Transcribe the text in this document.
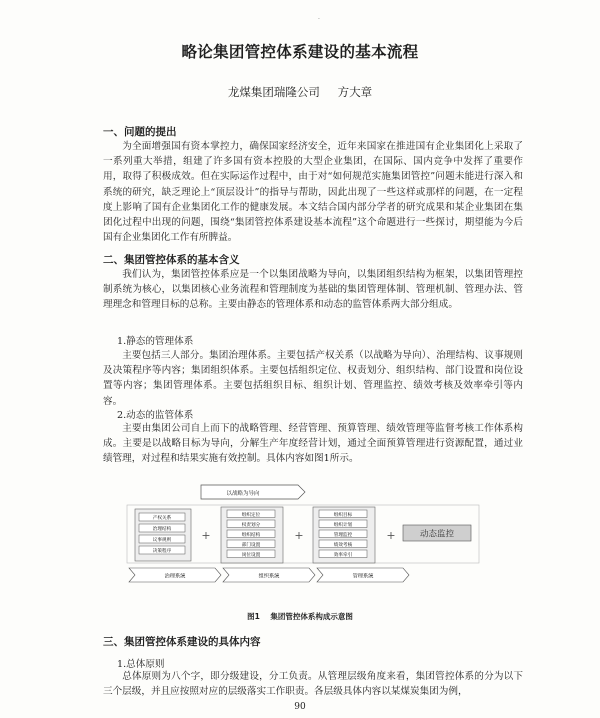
.
略论集团管控体系建设的基本流程
龙煤集团瑞隆公司 方大章
一、问题的提出
为全面增强国有资本掌控力，确保国家经济安全，近年来国家在推进国有企业集团化上采取了一系列重大举措，组建了许多国有资本控股的大型企业集团，在国际、国内竞争中发挥了重要作用，取得了积极成效。但在实际运作过程中，由于对“如何规范实施集团管控”问题未能进行深入和系统的研究，缺乏理论上“顶层设计”的指导与帮助，因此出现了一些这样或那样的问题，在一定程度上影响了国有企业集团化工作的健康发展。本文结合国内部分学者的研究成果和某企业集团在集团化过程中出现的问题，围绕“集团管控体系建设基本流程”这个命题进行一些探讨，期望能为今后国有企业集团化工作有所脾益。
二、集团管控体系的基本含义
我们认为，集团管控体系应是一个以集团战略为导向，以集团组织结构为框架，以集团管理控制系统为核心，以集团核心业务流程和管理制度为基础的集团管理体制、管理机制、管理办法、管理理念和管理目标的总称。主要由静态的管理体系和动态的监管体系两大部分组成。
1.静态的管理体系
主要包括三人部分。集团治理体系。主要包括产权关系（以战略为导向）、治理结构、议事规则及决策程序等内容；集团组织体系。主要包括组织定位、权责划分、组织结构、部门设置和岗位设置等内容；集团管理体系。主要包括组织目标、组织计划、管理监控、绩效考核及效率牵引等内容。
2.动态的监管体系
主要由集团公司自上而下的战略管理、经营管理、预算管理、绩效管理等监督考核工作体系构成。主要是以战略目标为导向，分解生产年度经营计划，通过全面预算管理进行资源配置，通过业绩管理，对过程和结果实施有效控制。具体内容如图1所示。
以战略为导向
产权关系
治理结构
议事规则
决策程序
+
组织定位
权责划分
组织结构
部门设置
岗位设置
+
组织目标
组织计划
管理监控
绩效考核
效率牵引
+	动态监控
治理系统	组织系统	管理系统
图1 集团管控体系构成示意图
三、集团管控体系建设的具体内容
1.总体原则
总体原则为八个字，即分级建设，分工负责。从管理层级角度来看，集团管控体系的分为以下三个层级，并且应按照对应的层级落实工作职责。各层级具体内容以某煤炭集团为例，
90
